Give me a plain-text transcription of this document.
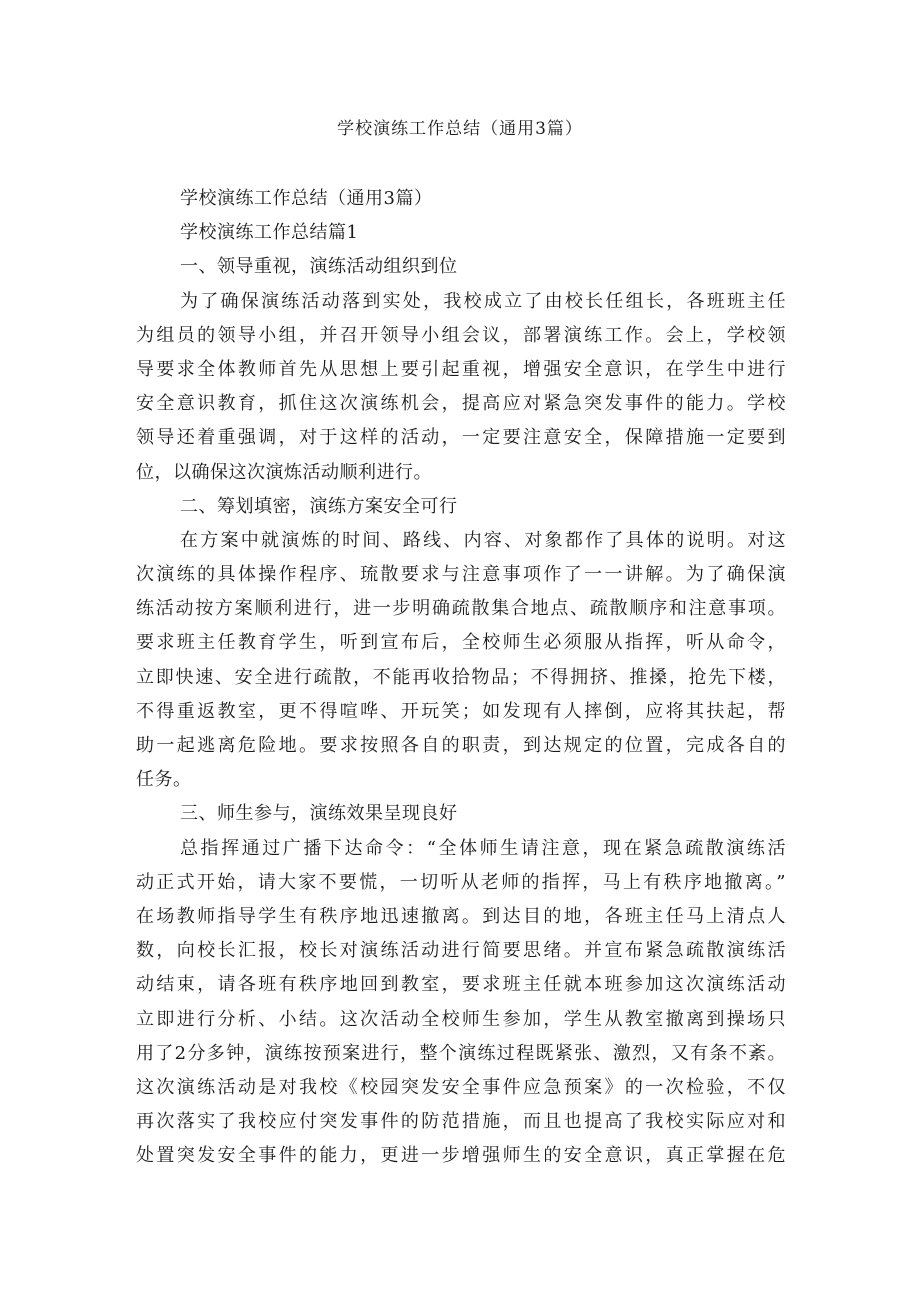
学校演练工作总结（通用3篇）

学校演练工作总结（通用3篇）

学校演练工作总结篇1

一、领导重视，演练活动组织到位

为了确保演练活动落到实处，我校成立了由校长任组长，各班班主任

为组员的领导小组，并召开领导小组会议，部署演练工作。会上，学校领

导要求全体教师首先从思想上要引起重视，增强安全意识，在学生中进行

安全意识教育，抓住这次演练机会，提高应对紧急突发事件的能力。学校

领导还着重强调，对于这样的活动，一定要注意安全，保障措施一定要到

位，以确保这次演炼活动顺利进行。

二、筹划填密，演练方案安全可行

在方案中就演炼的时间、路线、内容、对象都作了具体的说明。对这

次演练的具体操作程序、琉散要求与注意事项作了一一讲解。为了确保演

练活动按方案顺利进行，进一步明确疏散集合地点、疏散顺序和注意事项。

要求班主任教育学生，听到宣布后，全校师生必须服从指挥，听从命令，

立即快速、安全进行疏散，不能再收拾物品；不得拥挤、推搡，抢先下楼，

不得重返教室，更不得喧哗、开玩笑；如发现有人摔倒，应将其扶起，帮

助一起逃离危险地。要求按照各自的职责，到达规定的位置，完成各自的

任务。

三、师生参与，演练效果呈现良好

总指挥通过广播下达命令：“全体师生请注意，现在紧急疏散演练活

动正式开始，请大家不要慌，一切听从老师的指挥，马上有秩序地撤离。”

在场教师指导学生有秩序地迅速撤离。到达目的地，各班主任马上清点人

数，向校长汇报，校长对演练活动进行简要思绪。并宣布紧急疏散演练活

动结束，请各班有秩序地回到教室，要求班主任就本班参加这次演练活动

立即进行分析、小结。这次活动全校师生参加，学生从教室撤离到操场只

用了2分多钟，演练按预案进行，整个演练过程既紧张、激烈，又有条不紊。

这次演练活动是对我校《校园突发安全事件应急预案》的一次检验，不仅

再次落实了我校应付突发事件的防范措施，而且也提高了我校实际应对和

处置突发安全事件的能力，更进一步增强师生的安全意识，真正掌握在危
